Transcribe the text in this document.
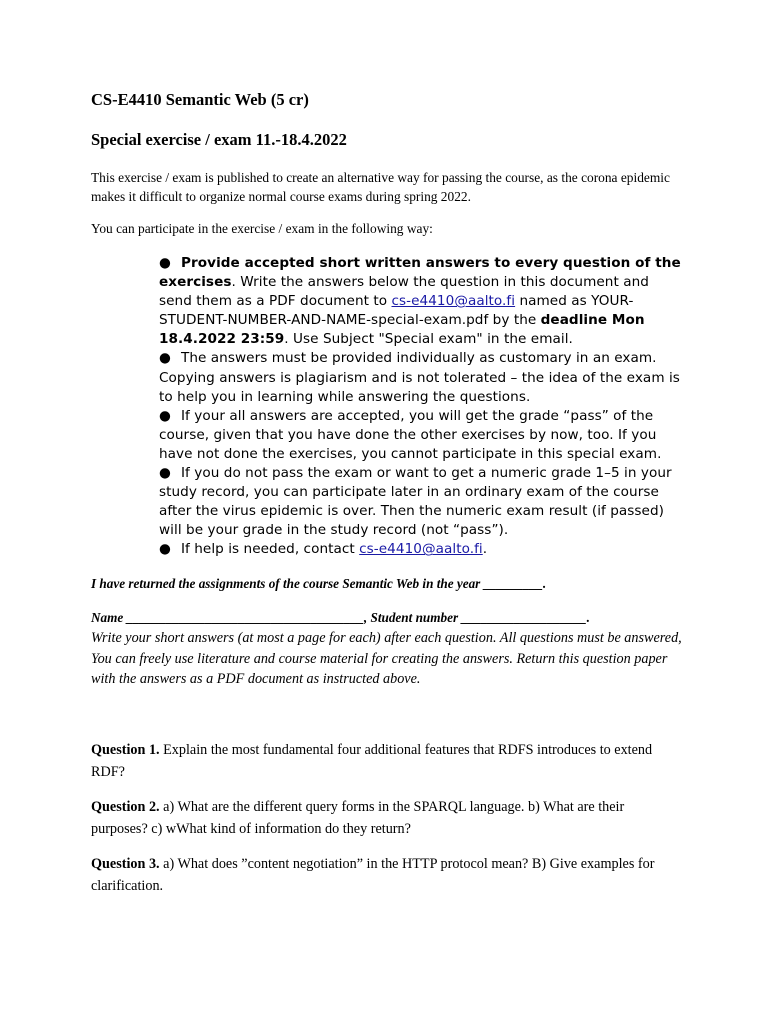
CS-E4410 Semantic Web (5 cr)

Special exercise / exam 11.-18.4.2022

This exercise / exam is published to create an alternative way for passing the course, as the corona epidemic makes it difficult to organize normal course exams during spring 2022.

You can participate in the exercise / exam in the following way:

● Provide accepted short written answers to every question of the exercises. Write the answers below the question in this document and send them as a PDF document to cs-e4410@aalto.fi named as YOUR-STUDENT-NUMBER-AND-NAME-special-exam.pdf by the deadline Mon 18.4.2022 23:59. Use Subject "Special exam" in the email.

● The answers must be provided individually as customary in an exam. Copying answers is plagiarism and is not tolerated – the idea of the exam is to help you in learning while answering the questions.

● If your all answers are accepted, you will get the grade “pass” of the course, given that you have done the other exercises by now, too. If you have not done the exercises, you cannot participate in this special exam.

● If you do not pass the exam or want to get a numeric grade 1–5 in your study record, you can participate later in an ordinary exam of the course after the virus epidemic is over. Then the numeric exam result (if passed) will be your grade in the study record (not “pass”).

● If help is needed, contact cs-e4410@aalto.fi.

I have returned the assignments of the course Semantic Web in the year _________.

Name ____________________________________, Student number ___________________.

Write your short answers (at most a page for each) after each question. All questions must be answered, You can freely use literature and course material for creating the answers. Return this question paper with the answers as a PDF document as instructed above.

Question 1. Explain the most fundamental four additional features that RDFS introduces to extend RDF?

Question 2. a) What are the different query forms in the SPARQL language. b) What are their purposes? c) wWhat kind of information do they return?

Question 3. a) What does ”content negotiation” in the HTTP protocol mean? B) Give examples for clarification.
